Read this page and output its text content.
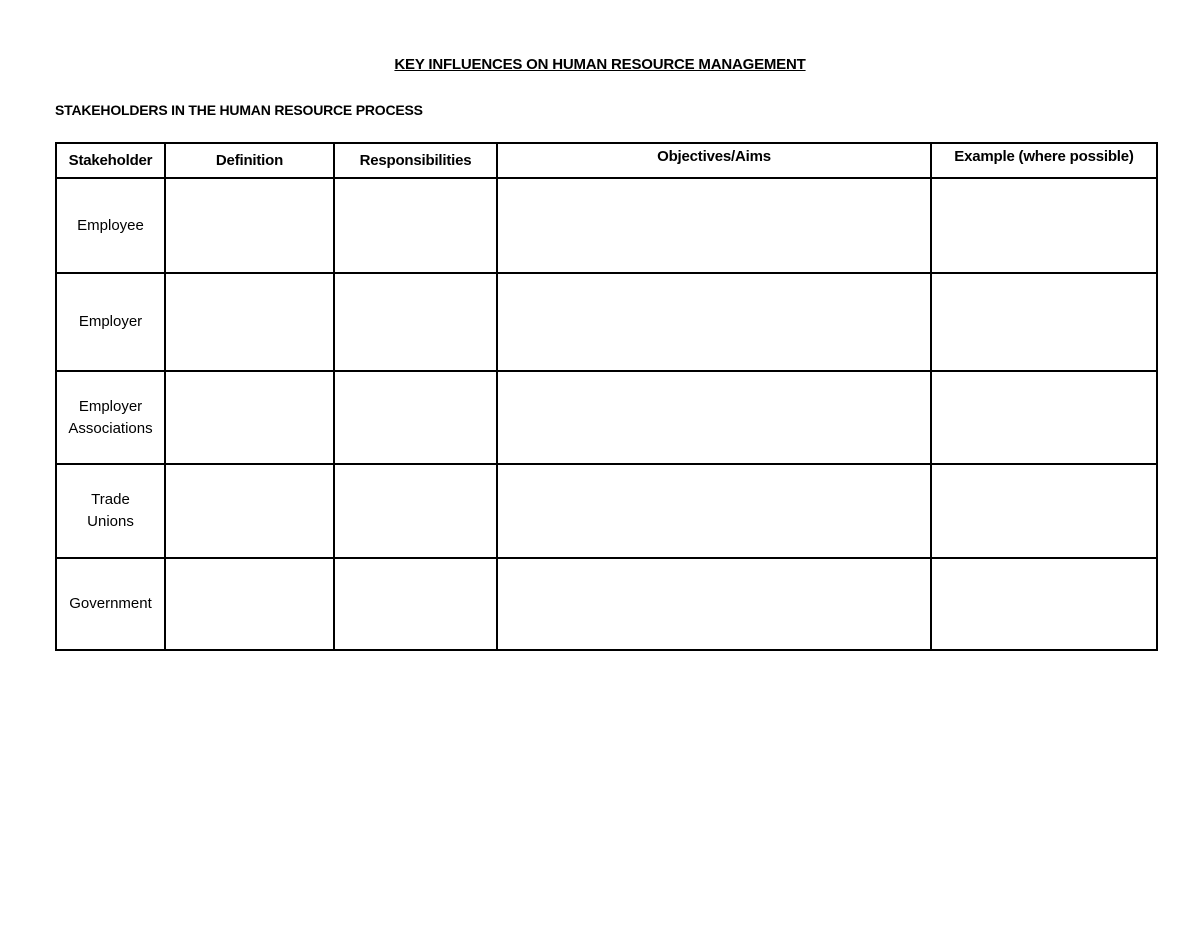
KEY INFLUENCES ON HUMAN RESOURCE MANAGEMENT
STAKEHOLDERS IN THE HUMAN RESOURCE PROCESS
Stakeholder	Definition	Responsibilities	Objectives/Aims	Example (where possible)

Employee				

Employer				

Employer
Associations				

Trade
Unions				

Government				
